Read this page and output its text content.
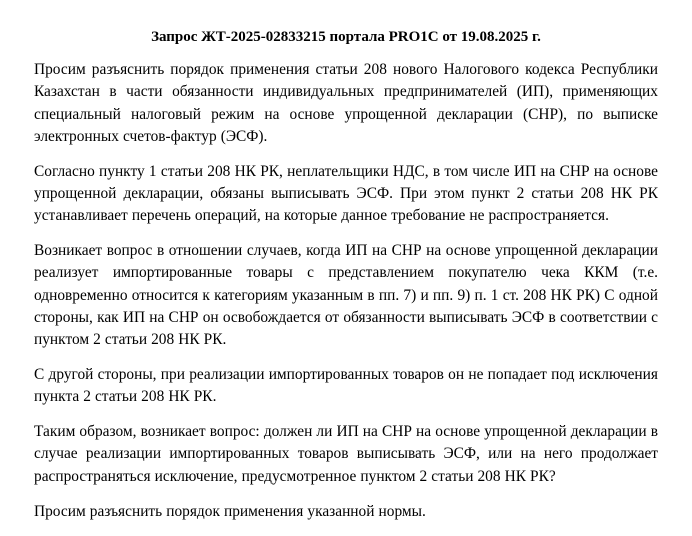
Запрос ЖТ-2025-02833215 портала PRO1C от 19.08.2025 г.

Просим разъяснить порядок применения статьи 208 нового Налогового кодекса Республики Казахстан в части обязанности индивидуальных предпринимателей (ИП), применяющих специальный налоговый режим на основе упрощенной декларации (СНР), по выписке электронных счетов-фактур (ЭСФ).

Согласно пункту 1 статьи 208 НК РК, неплательщики НДС, в том числе ИП на СНР на основе упрощенной декларации, обязаны выписывать ЭСФ. При этом пункт 2 статьи 208 НК РК устанавливает перечень операций, на которые данное требование не распространяется.

Возникает вопрос в отношении случаев, когда ИП на СНР на основе упрощенной декларации реализует импортированные товары с представлением покупателю чека ККМ (т.е. одновременно относится к категориям указанным в пп. 7) и пп. 9) п. 1 ст. 208 НК РК) С одной стороны, как ИП на СНР он освобождается от обязанности выписывать ЭСФ в соответствии с пунктом 2 статьи 208 НК РК.

С другой стороны, при реализации импортированных товаров он не попадает под исключения пункта 2 статьи 208 НК РК.

Таким образом, возникает вопрос: должен ли ИП на СНР на основе упрощенной декларации в случае реализации импортированных товаров выписывать ЭСФ, или на него продолжает распространяться исключение, предусмотренное пунктом 2 статьи 208 НК РК?

Просим разъяснить порядок применения указанной нормы.
